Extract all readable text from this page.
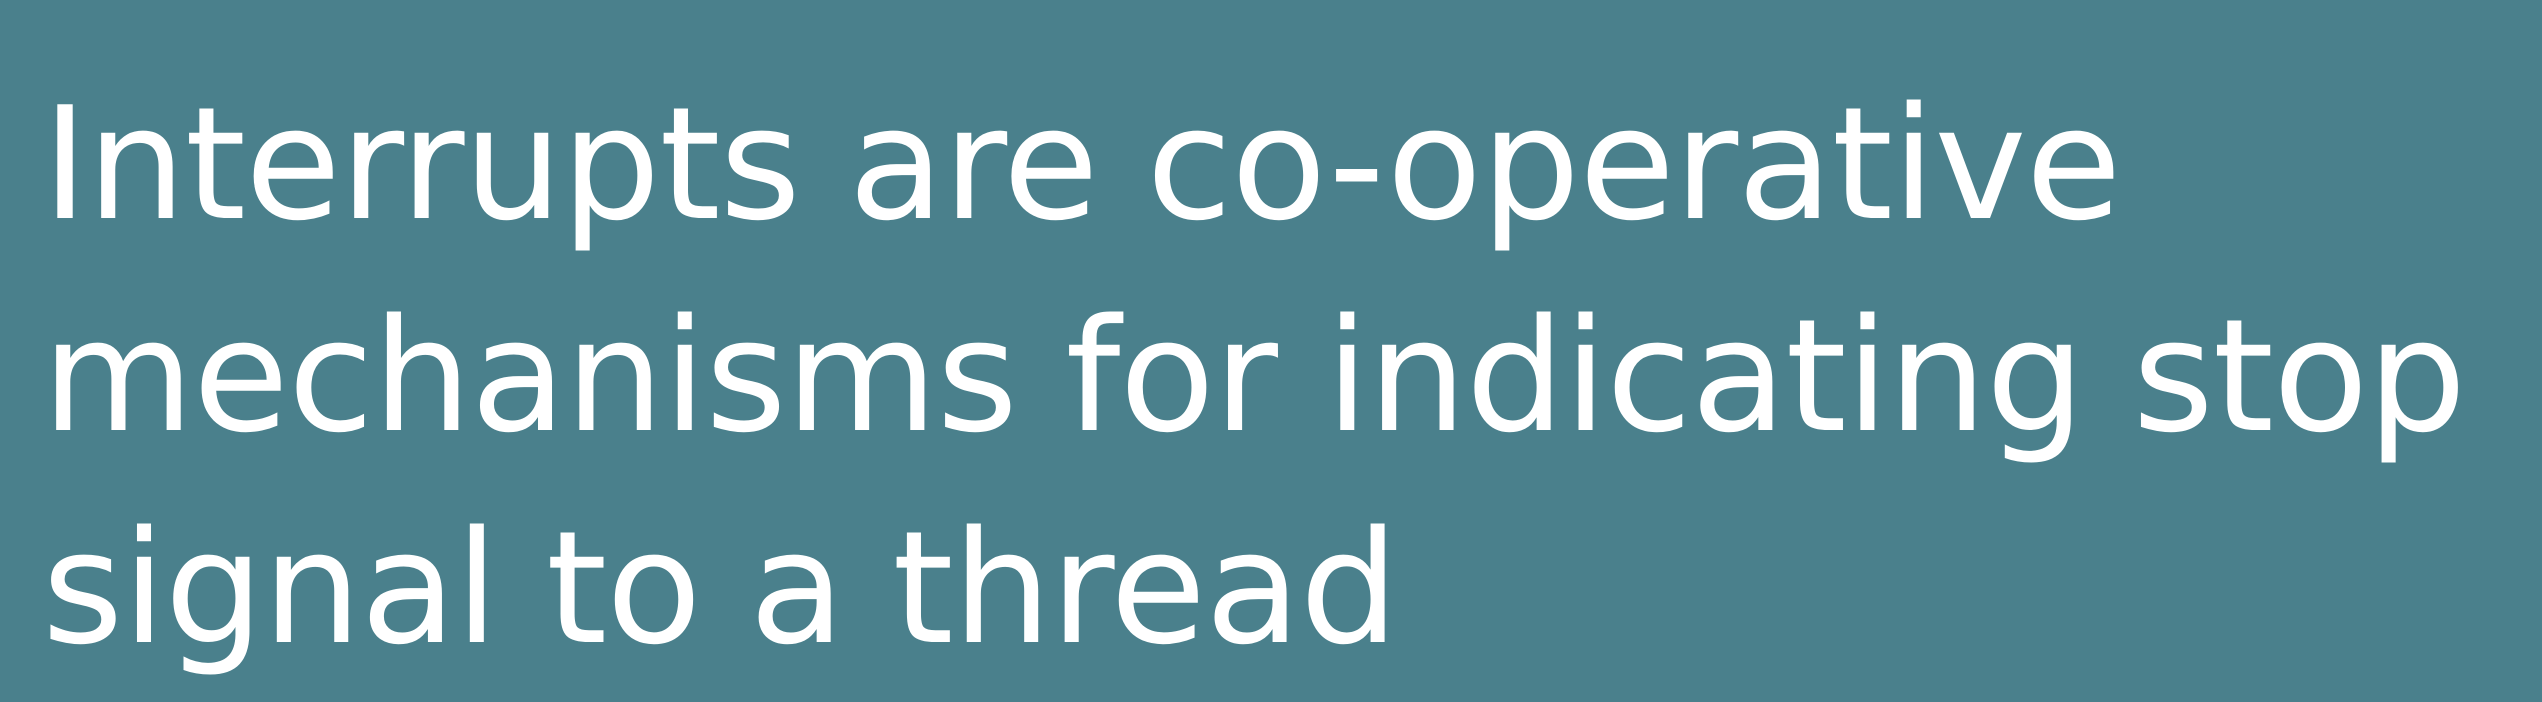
Interrupts are co-operative
mechanisms for indicating stop
signal to a thread
